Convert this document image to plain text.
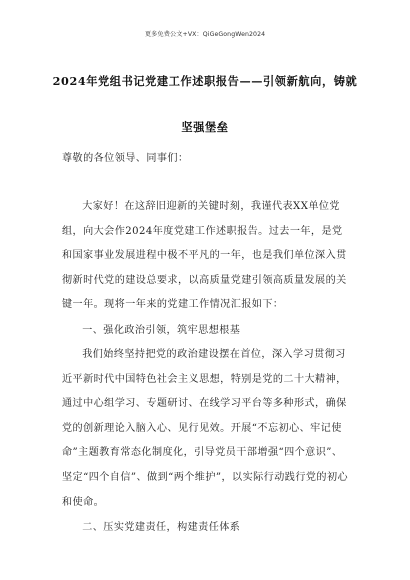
更多免费公文+VX：QiGeGongWen2024
2024年党组书记党建工作述职报告——引领新航向，铸就
坚强堡垒
尊敬的各位领导、同事们：

大家好！在这辞旧迎新的关键时刻，我谨代表XX单位党组，向大会作2024年度党建工作述职报告。过去一年，是党和国家事业发展进程中极不平凡的一年，也是我们单位深入贯彻新时代党的建设总要求，以高质量党建引领高质量发展的关键一年。现将一年来的党建工作情况汇报如下：

一、强化政治引领，筑牢思想根基

我们始终坚持把党的政治建设摆在首位，深入学习贯彻习近平新时代中国特色社会主义思想，特别是党的二十大精神，通过中心组学习、专题研讨、在线学习平台等多种形式，确保党的创新理论入脑入心、见行见效。开展“不忘初心、牢记使命”主题教育常态化制度化，引导党员干部增强“四个意识”、坚定“四个自信”、做到“两个维护”，以实际行动践行党的初心和使命。

二、压实党建责任，构建责任体系
